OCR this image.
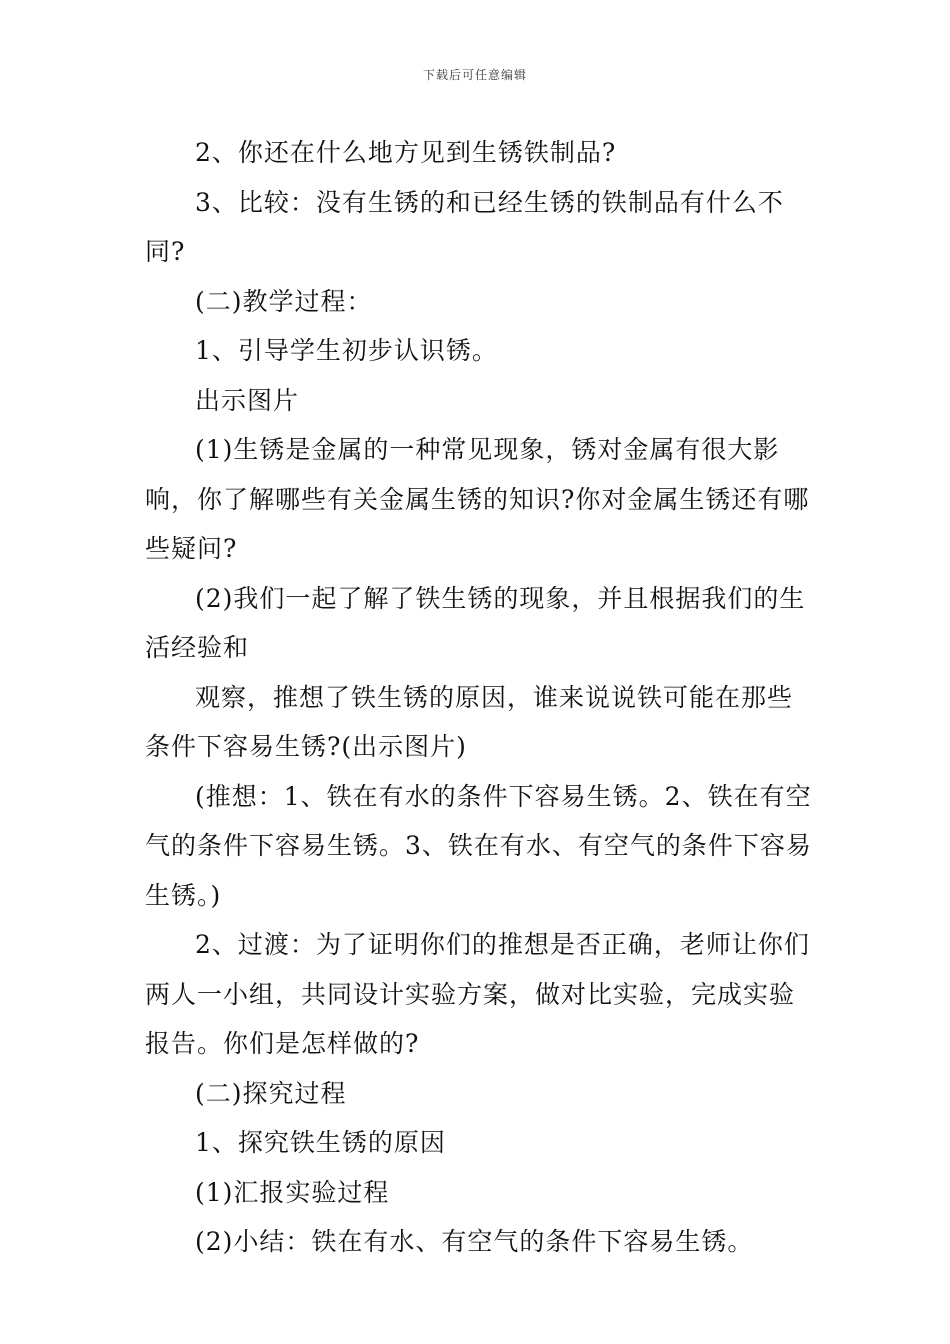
下载后可任意编辑

2、你还在什么地方见到生锈铁制品?

3、比较：没有生锈的和已经生锈的铁制品有什么不同?

(二)教学过程：

1、引导学生初步认识锈。

出示图片

(1)生锈是金属的一种常见现象，锈对金属有很大影响，你了解哪些有关金属生锈的知识?你对金属生锈还有哪些疑问?

(2)我们一起了解了铁生锈的现象，并且根据我们的生活经验和

观察，推想了铁生锈的原因，谁来说说铁可能在那些条件下容易生锈?(出示图片)

(推想：1、铁在有水的条件下容易生锈。2、铁在有空气的条件下容易生锈。3、铁在有水、有空气的条件下容易生锈。)

2、过渡：为了证明你们的推想是否正确，老师让你们两人一小组，共同设计实验方案，做对比实验，完成实验报告。你们是怎样做的?

(二)探究过程

1、探究铁生锈的原因

(1)汇报实验过程

(2)小结：铁在有水、有空气的条件下容易生锈。
